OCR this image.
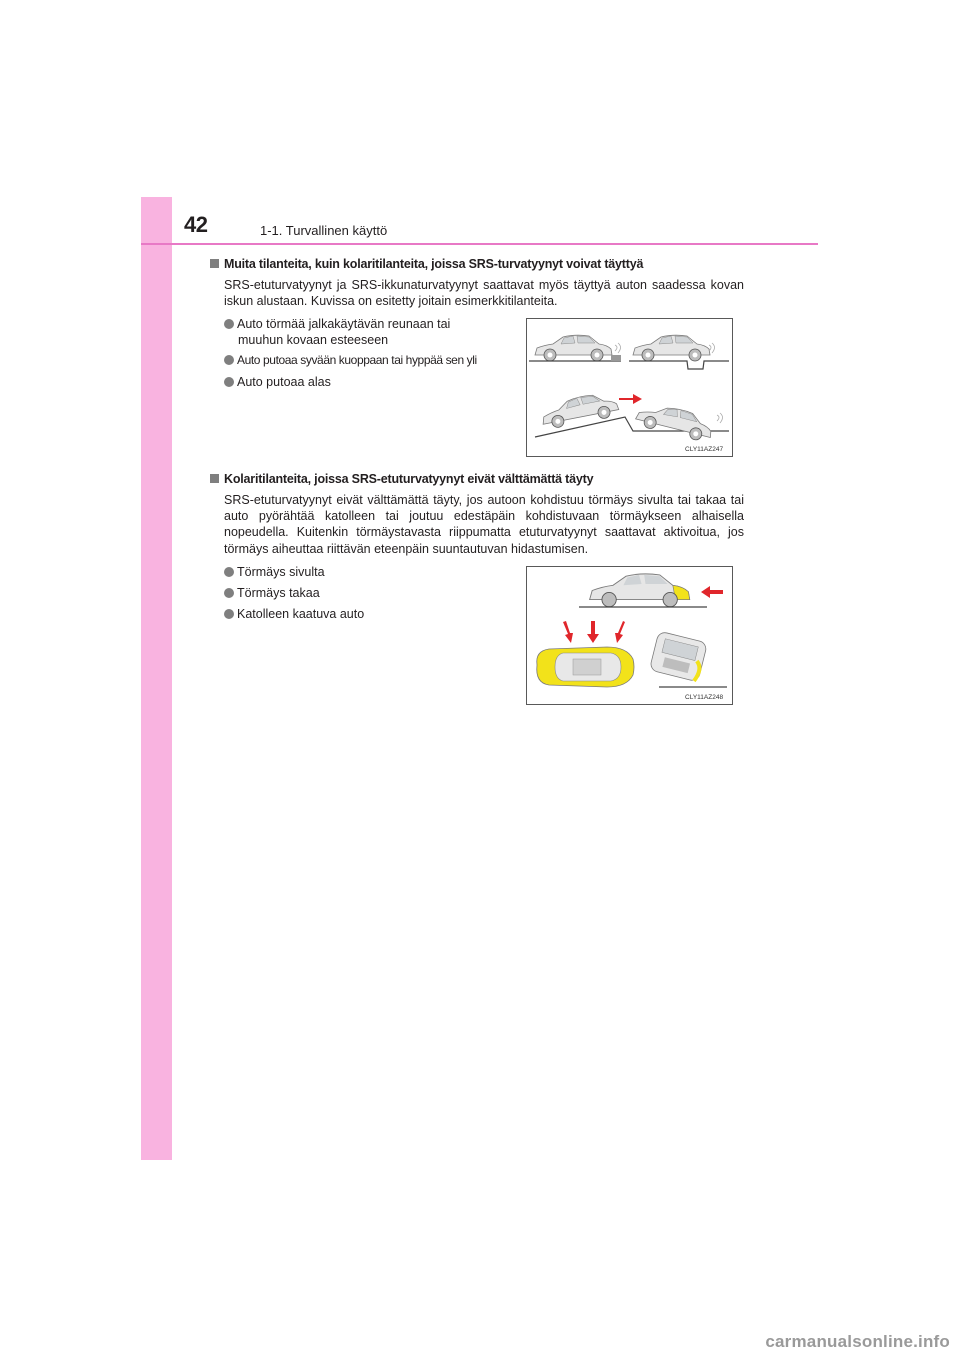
42	1-1. Turvallinen käyttö
Muita tilanteita, kuin kolaritilanteita, joissa SRS-turvatyynyt voivat täyttyä
SRS-etuturvatyynyt ja SRS-ikkunaturvatyynyt saattavat myös täyttyä auton saadessa kovan iskun alustaan. Kuvissa on esitetty joitain esimerkkitilanteita.
Auto törmää jalkakäytävän reunaan tai
muuhun kovaan esteeseen
Auto putoaa syvään kuoppaan tai hyppää sen yli
Auto putoaa alas
CLY11AZ247
Kolaritilanteita, joissa SRS-etuturvatyynyt eivät välttämättä täyty
SRS-etuturvatyynyt eivät välttämättä täyty, jos autoon kohdistuu törmäys sivulta tai takaa tai auto pyörähtää katolleen tai joutuu edestäpäin kohdistuvaan törmäykseen alhaisella nopeudella. Kuitenkin törmäystavasta riippumatta etuturvatyynyt saattavat aktivoitua, jos törmäys aiheuttaa riittävän eteenpäin suuntautuvan hidastumisen.
Törmäys sivulta
Törmäys takaa
Katolleen kaatuva auto
CLY11AZ248
carmanualsonline.info
